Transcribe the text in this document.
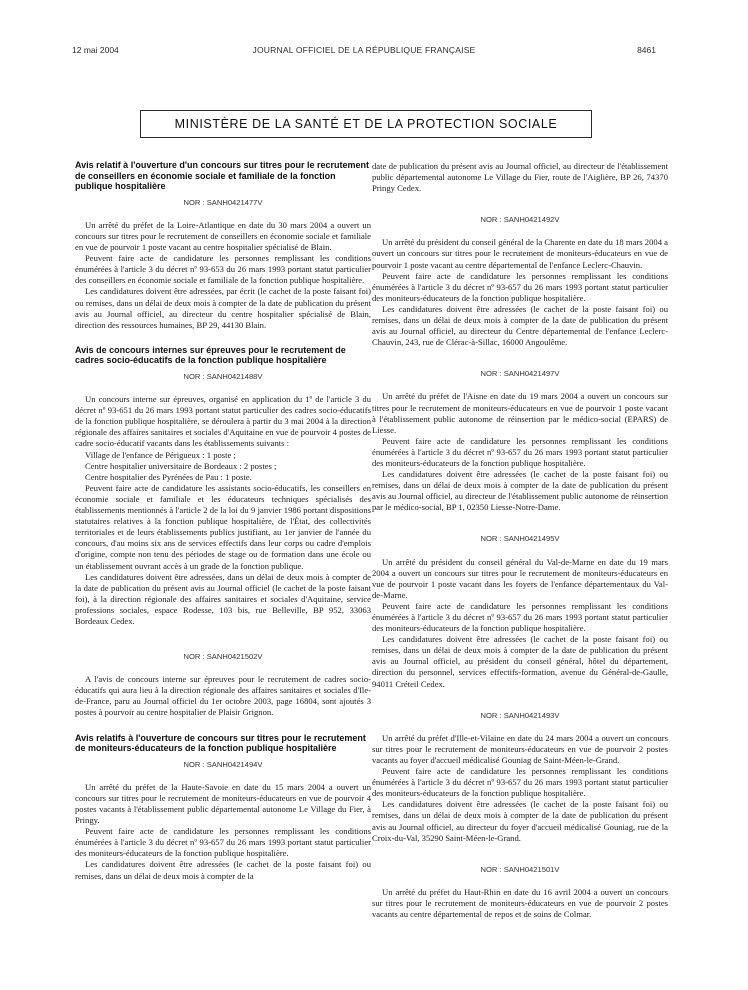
12 mai 2004	JOURNAL OFFICIEL DE LA RÉPUBLIQUE FRANÇAISE	8461
MINISTÈRE DE LA SANTÉ ET DE LA PROTECTION SOCIALE
Avis relatif à l'ouverture d'un concours sur titres pour le recrutement de conseillers en économie sociale et familiale de la fonction publique hospitalière
NOR : SANH0421477V

Un arrêté du préfet de la Loire-Atlantique en date du 30 mars 2004 a ouvert un concours sur titres pour le recrutement de conseillers en économie sociale et familiale en vue de pourvoir 1 poste vacant au centre hospitalier spécialisé de Blain.

Peuvent faire acte de candidature les personnes remplissant les conditions énumérées à l'article 3 du décret nº 93-653 du 26 mars 1993 portant statut particulier des conseillers en économie sociale et familiale de la fonction publique hospitalière.

Les candidatures doivent être adressées, par écrit (le cachet de la poste faisant foi) ou remises, dans un délai de deux mois à compter de la date de publication du présent avis au Journal officiel, au directeur du centre hospitalier spécialisé de Blain, direction des ressources humaines, BP 29, 44130 Blain.

Avis de concours internes sur épreuves pour le recrutement de cadres socio-éducatifs de la fonction publique hospitalière
NOR : SANH0421488V

Un concours interne sur épreuves, organisé en application du 1º de l'article 3 du décret nº 93-651 du 26 mars 1993 portant statut particulier des cadres socio-éducatifs de la fonction publique hospitalière, se déroulera à partir du 3 mai 2004 à la direction régionale des affaires sanitaires et sociales d'Aquitaine en vue de pourvoir 4 postes de cadre socio-éducatif vacants dans les établissements suivants :

Village de l'enfance de Périgueux : 1 poste ;

Centre hospitalier universitaire de Bordeaux : 2 postes ;

Centre hospitalier des Pyrénées de Pau : 1 poste.

Peuvent faire acte de candidature les assistants socio-éducatifs, les conseillers en économie sociale et familiale et les éducateurs techniques spécialisés des établissements mentionnés à l'article 2 de la loi du 9 janvier 1986 portant dispositions statutaires relatives à la fonction publique hospitalière, de l'État, des collectivités territoriales et de leurs établissements publics justifiant, au 1er janvier de l'année du concours, d'au moins six ans de services effectifs dans leur corps ou cadre d'emplois d'origine, compte non tenu des périodes de stage ou de formation dans une école ou un établissement ouvrant accès à un grade de la fonction publique.

Les candidatures doivent être adressées, dans un délai de deux mois à compter de la date de publication du présent avis au Journal officiel (le cachet de la poste faisant foi), à la direction régionale des affaires sanitaires et sociales d'Aquitaine, service professions sociales, espace Rodesse, 103 bis, rue Belleville, BP 952, 33063 Bordeaux Cedex.

NOR : SANH0421502V

A l'avis de concours interne sur épreuves pour le recrutement de cadres socio-éducatifs qui aura lieu à la direction régionale des affaires sanitaires et sociales d'Ile-de-France, paru au Journal officiel du 1er octobre 2003, page 16804, sont ajoutés 3 postes à pourvoir au centre hospitalier de Plaisir Grignon.

Avis relatifs à l'ouverture de concours sur titres pour le recrutement de moniteurs-éducateurs de la fonction publique hospitalière
NOR : SANH0421494V

Un arrêté du préfet de la Haute-Savoie en date du 15 mars 2004 a ouvert un concours sur titres pour le recrutement de moniteurs-éducateurs en vue de pourvoir 4 postes vacants à l'établissement public départemental autonome Le Village du Fier, à Pringy.

Peuvent faire acte de candidature les personnes remplissant les conditions énumérées à l'article 3 du décret nº 93-657 du 26 mars 1993 portant statut particulier des moniteurs-éducateurs de la fonction publique hospitalière.

Les candidatures doivent être adressées (le cachet de la poste faisant foi) ou remises, dans un délai de deux mois à compter de la

date de publication du présent avis au Journal officiel, au directeur de l'établissement public départemental autonome Le Village du Fier, route de l'Aiglière, BP 26, 74370 Pringy Cedex.

NOR : SANH0421492V

Un arrêté du président du conseil général de la Charente en date du 18 mars 2004 a ouvert un concours sur titres pour le recrutement de moniteurs-éducateurs en vue de pourvoir 1 poste vacant au centre départemental de l'enfance Leclerc-Chauvin.

Peuvent faire acte de candidature les personnes remplissant les conditions énumérées à l'article 3 du décret nº 93-657 du 26 mars 1993 portant statut particulier des moniteurs-éducateurs de la fonction publique hospitalière.

Les candidatures doivent être adressées (le cachet de la poste faisant foi) ou remises, dans un délai de deux mois à compter de la date de publication du présent avis au Journal officiel, au directeur du Centre départemental de l'enfance Leclerc-Chauvin, 243, rue de Clérac-à-Sillac, 16000 Angoulême.

NOR : SANH0421497V

Un arrêté du préfet de l'Aisne en date du 19 mars 2004 a ouvert un concours sur titres pour le recrutement de moniteurs-éducateurs en vue de pourvoir 1 poste vacant à l'établissement public autonome de réinsertion par le médico-social (EPARS) de Liesse.

Peuvent faire acte de candidature les personnes remplissant les conditions énumérées à l'article 3 du décret nº 93-657 du 26 mars 1993 portant statut particulier des moniteurs-éducateurs de la fonction publique hospitalière.

Les candidatures doivent être adressées (le cachet de la poste faisant foi) ou remises, dans un délai de deux mois à compter de la date de publication du présent avis au Journal officiel, au directeur de l'établissement public autonome de réinsertion par le médico-social, BP 1, 02350 Liesse-Notre-Dame.

NOR : SANH0421495V

Un arrêté du président du conseil général du Val-de-Marne en date du 19 mars 2004 a ouvert un concours sur titres pour le recrutement de moniteurs-éducateurs en vue de pourvoir 1 poste vacant dans les foyers de l'enfance départementaux du Val-de-Marne.

Peuvent faire acte de candidature les personnes remplissant les conditions énumérées à l'article 3 du décret nº 93-657 du 26 mars 1993 portant statut particulier des moniteurs-éducateurs de la fonction publique hospitalière.

Les candidatures doivent être adressées (le cachet de la poste faisant foi) ou remises, dans un délai de deux mois à compter de la date de publication du présent avis au Journal officiel, au président du conseil général, hôtel du département, direction du personnel, services effectifs-formation, avenue du Général-de-Gaulle, 94011 Créteil Cedex.

NOR : SANH0421493V

Un arrêté du préfet d'Ille-et-Vilaine en date du 24 mars 2004 a ouvert un concours sur titres pour le recrutement de moniteurs-éducateurs en vue de pourvoir 2 postes vacants au foyer d'accueil médicalisé Gouniag de Saint-Méen-le-Grand.

Peuvent faire acte de candidature les personnes remplissant les conditions énumérées à l'article 3 du décret nº 93-657 du 26 mars 1993 portant statut particulier des moniteurs-éducateurs de la fonction publique hospitalière.

Les candidatures doivent être adressées (le cachet de la poste faisant foi) ou remises, dans un délai de deux mois à compter de la date de publication du présent avis au Journal officiel, au directeur du foyer d'accueil médicalisé Gouniag, rue de la Croix-du-Val, 35290 Saint-Méen-le-Grand.

NOR : SANH0421501V

Un arrêté du préfet du Haut-Rhin en date du 16 avril 2004 a ouvert un concours sur titres pour le recrutement de moniteurs-éducateurs en vue de pourvoir 2 postes vacants au centre départemental de repos et de soins de Colmar.
